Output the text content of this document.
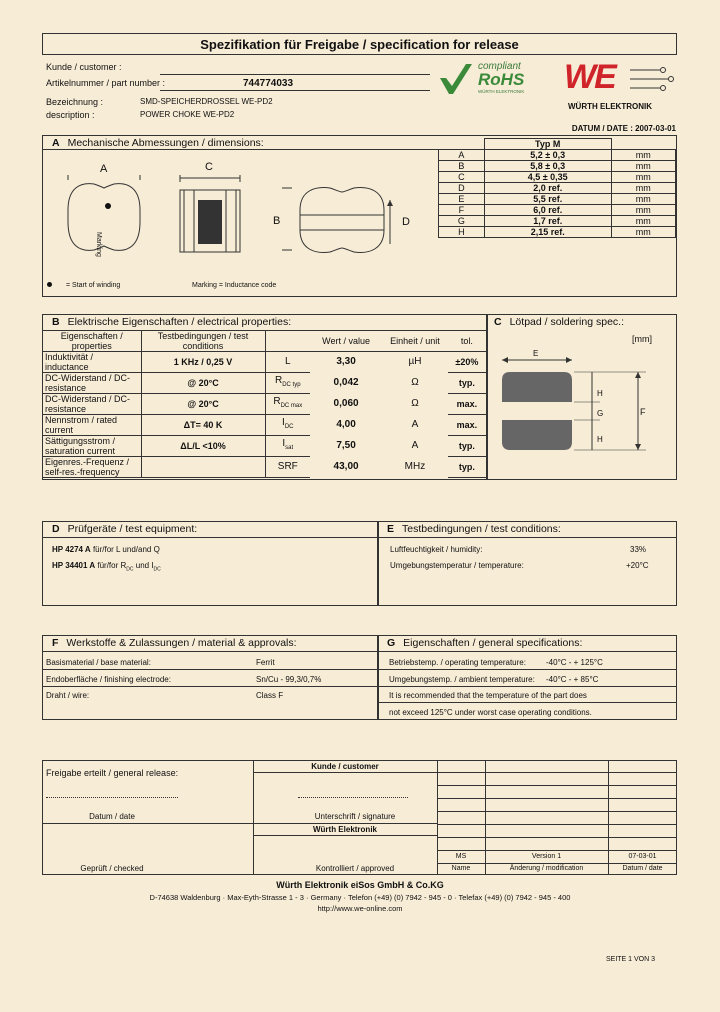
Spezifikation für Freigabe / specification for release
Kunde / customer :
Artikelnummer / part number :	744774033
Bezeichnung :	SMD-SPEICHERDROSSEL WE-PD2
description :	POWER CHOKE WE-PD2
DATUM / DATE : 2007-03-01
compliant
RoHS
WÜRTH ELEKTRONIK WE
WÜRTH ELEKTRONIK
A Mechanische Abmessungen / dimensions:
		Typ M	
A	5,2 ± 0,3	mm
B	5,8 ± 0,3	mm
C	4,5 ± 0,35	mm
D	2,0 ref.	mm
E	5,5 ref.	mm
F	6,0 ref.	mm
G	1,7 ref.	mm
H	2,15 ref.	mm
A	C
B	D
Marking
= Start of winding	Marking = Inductance code
B Elektrische Eigenschaften / electrical properties:
Eigenschaften / properties	Testbedingungen / test conditions		Wert / value	Einheit / unit	tol.
Induktivität / inductance	1 KHz / 0,25 V	L	3,30	µH	±20%
DC-Widerstand / DC-resistance	@ 20°C	$R_{DC typ}$	0,042	Ω	typ.
DC-Widerstand / DC-resistance	@ 20°C	$R_{DC max}$	0,060	Ω	max.
Nennstrom / rated current	ΔT= 40 K	$I_{DC}$	4,00	A	max.
Sättigungsstrom / saturation current	ΔL/L <10%	$I_{sat}$	7,50	A	typ.
Eigenres.-Frequenz / self-res.-frequency		SRF	43,00	MHz	typ.
C Lötpad / soldering spec.:
[mm]
E
H
G
H
F
D Prüfgeräte / test equipment:
HP 4274 A für/for L und/and Q
HP 34401 A für/for $R_{DC}$ und $I_{DC}$
E Testbedingungen / test conditions:
Luftfeuchtigkeit / humidity:	33%
Umgebungstemperatur / temperature:	+20°C
F Werkstoffe & Zulassungen / material & approvals:
Basismaterial / base material:	Ferrit
Endoberfläche / finishing electrode:	Sn/Cu - 99,3/0,7%
Draht / wire:	Class F
G Eigenschaften / general specifications:
Betriebstemp. / operating temperature:	-40°C - + 125°C
Umgebungstemp. / ambient temperature: -40°C - + 85°C
It is recommended that the temperature of the part does
not exceed 125°C under worst case operating conditions.
Freigabe erteilt / general release:
Kunde / customer
Datum / date	Unterschrift / signature
Würth Elektronik
Geprüft / checked	Kontrolliert / approved
MS	Version 1	07-03-01
Name	Änderung / modification	Datum / date
Würth Elektronik eiSos GmbH & Co.KG
D-74638 Waldenburg · Max-Eyth-Strasse 1 - 3 · Germany · Telefon (+49) (0) 7942 - 945 - 0 · Telefax (+49) (0) 7942 - 945 - 400
http://www.we-online.com
SEITE 1 VON 3
